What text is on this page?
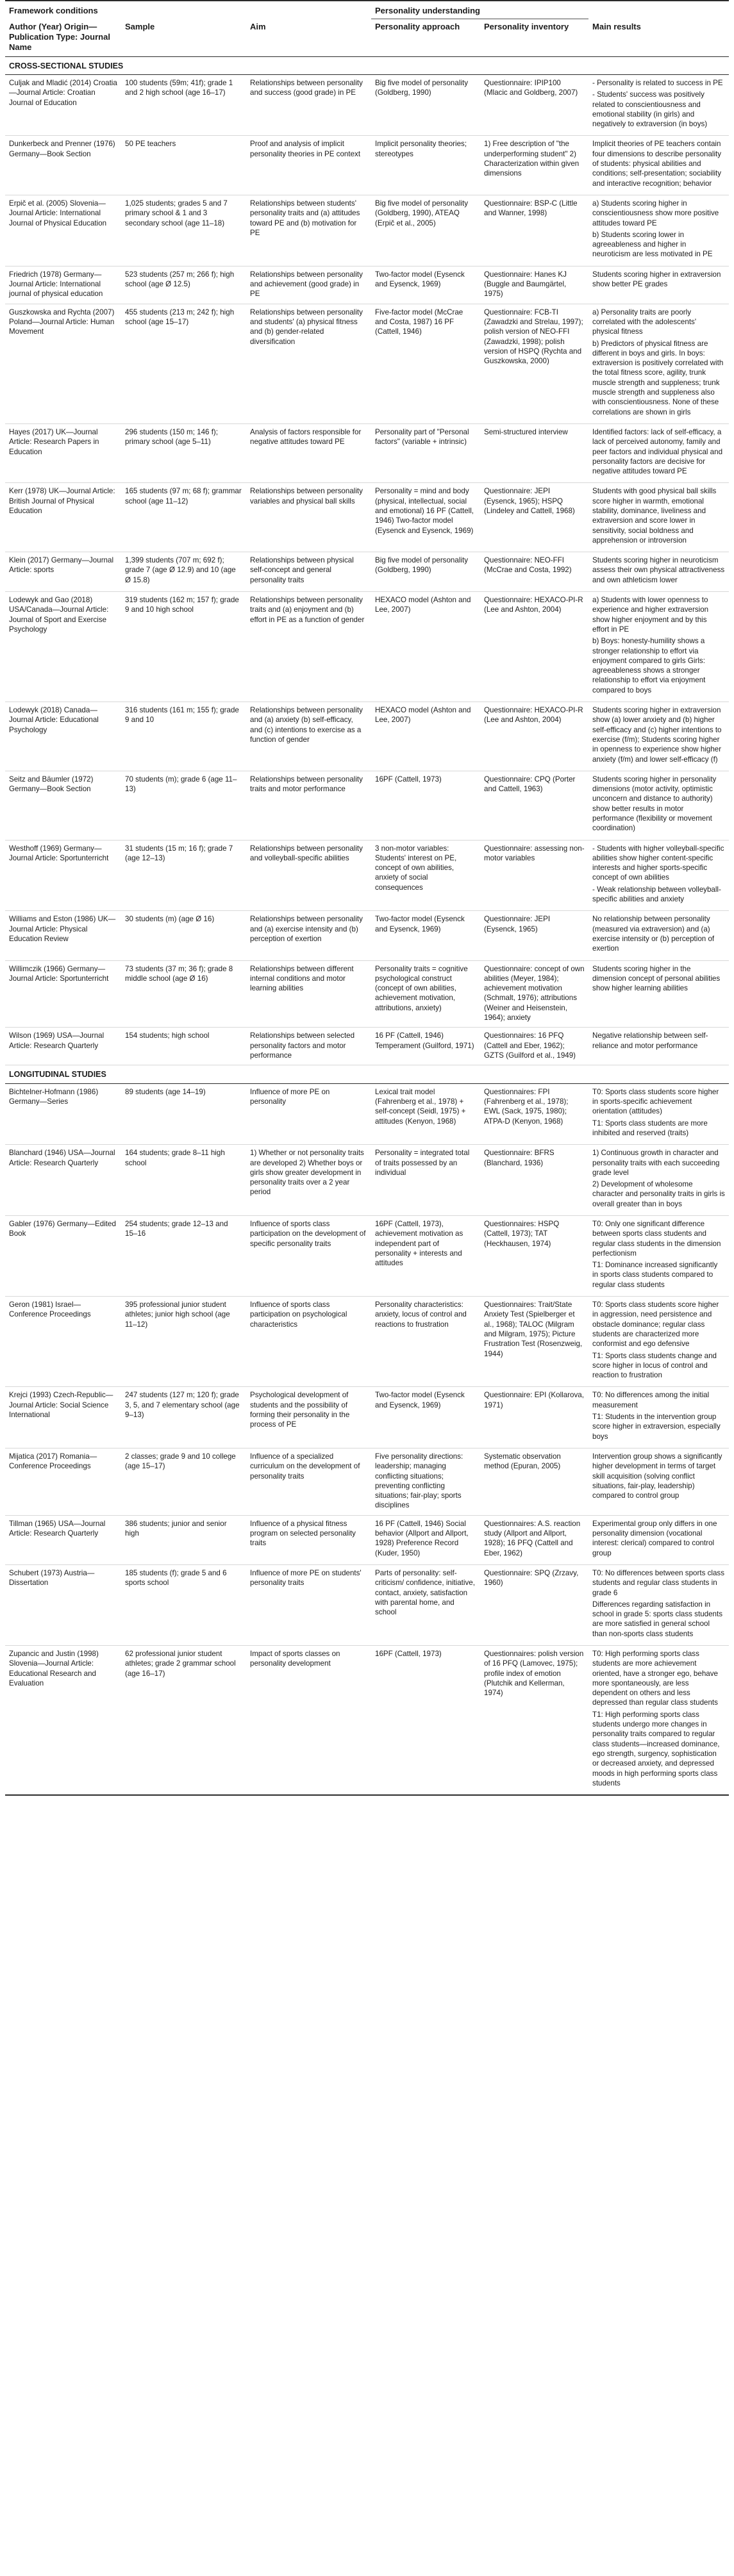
Framework conditions			Personality understanding		
Author (Year) Origin—Publication Type: Journal Name	Sample	Aim	Personality approach	Personality inventory	Main results
CROSS-SECTIONAL STUDIES					
Culjak and Mladić (2014) Croatia—Journal Article: Croatian Journal of Education	100 students (59m; 41f); grade 1 and 2 high school (age 16–17)	Relationships between personality and success (good grade) in PE	Big five model of personality (Goldberg, 1990)	Questionnaire: IPIP100 (Mlacic and Goldberg, 2007)	- Personality is related to success in PE

- Students' success was positively related to conscientiousness and emotional stability (in girls) and negatively to extraversion (in boys)

Dunkerbeck and Prenner (1976) Germany—Book Section	50 PE teachers	Proof and analysis of implicit personality theories in PE context	Implicit personality theories; stereotypes	1) Free description of "the underperforming student" 2) Characterization within given dimensions	Implicit theories of PE teachers contain four dimensions to describe personality of students: physical abilities and conditions; self-presentation; sociability and interactive recognition; behavior

Erpič et al. (2005) Slovenia—Journal Article: International Journal of Physical Education	1,025 students; grades 5 and 7 primary school & 1 and 3 secondary school (age 11–18)	Relationships between students' personality traits and (a) attitudes toward PE and (b) motivation for PE	Big five model of personality (Goldberg, 1990), ATEAQ (Erpič et al., 2005)	Questionnaire: BSP-C (Little and Wanner, 1998)	a) Students scoring higher in conscientiousness show more positive attitudes toward PE

b) Students scoring lower in agreeableness and higher in neuroticism are less motivated in PE

Friedrich (1978) Germany—Journal Article: International journal of physical education	523 students (257 m; 266 f); high school (age Ø 12.5)	Relationships between personality and achievement (good grade) in PE	Two-factor model (Eysenck and Eysenck, 1969)	Questionnaire: Hanes KJ (Buggle and Baumgärtel, 1975)	Students scoring higher in extraversion show better PE grades

Guszkowska and Rychta (2007) Poland—Journal Article: Human Movement	455 students (213 m; 242 f); high school (age 15–17)	Relationships between personality and students' (a) physical fitness and (b) gender-related diversification	Five-factor model (McCrae and Costa, 1987) 16 PF (Cattell, 1946)	Questionnaire: FCB-TI (Zawadzki and Strelau, 1997); polish version of NEO-FFI (Zawadzki, 1998); polish version of HSPQ (Rychta and Guszkowska, 2000)	a) Personality traits are poorly correlated with the adolescents' physical fitness

b) Predictors of physical fitness are different in boys and girls. In boys: extraversion is positively correlated with the total fitness score, agility, trunk muscle strength and suppleness; trunk muscle strength and suppleness also with conscientiousness. None of these correlations are shown in girls

Hayes (2017) UK—Journal Article: Research Papers in Education	296 students (150 m; 146 f); primary school (age 5–11)	Analysis of factors responsible for negative attitudes toward PE	Personality part of "Personal factors" (variable + intrinsic)	Semi-structured interview	Identified factors: lack of self-efficacy, a lack of perceived autonomy, family and peer factors and individual physical and personality factors are decisive for negative attitudes toward PE

Kerr (1978) UK—Journal Article: British Journal of Physical Education	165 students (97 m; 68 f); grammar school (age 11–12)	Relationships between personality variables and physical ball skills	Personality = mind and body (physical, intellectual, social and emotional) 16 PF (Cattell, 1946) Two-factor model (Eysenck and Eysenck, 1969)	Questionnaire: JEPI (Eysenck, 1965); HSPQ (Lindeley and Cattell, 1968)	Students with good physical ball skills score higher in warmth, emotional stability, dominance, liveliness and extraversion and score lower in sensitivity, social boldness and apprehension or introversion

Klein (2017) Germany—Journal Article: sports	1,399 students (707 m; 692 f); grade 7 (age Ø 12.9) and 10 (age Ø 15.8)	Relationships between physical self-concept and general personality traits	Big five model of personality (Goldberg, 1990)	Questionnaire: NEO-FFI (McCrae and Costa, 1992)	Students scoring higher in neuroticism assess their own physical attractiveness and own athleticism lower

Lodewyk and Gao (2018) USA/Canada—Journal Article: Journal of Sport and Exercise Psychology	319 students (162 m; 157 f); grade 9 and 10 high school	Relationships between personality traits and (a) enjoyment and (b) effort in PE as a function of gender	HEXACO model (Ashton and Lee, 2007)	Questionnaire: HEXACO-PI-R (Lee and Ashton, 2004)	a) Students with lower openness to experience and higher extraversion show higher enjoyment and by this effort in PE

b) Boys: honesty-humility shows a stronger relationship to effort via enjoyment compared to girls Girls: agreeableness shows a stronger relationship to effort via enjoyment compared to boys

Lodewyk (2018) Canada—Journal Article: Educational Psychology	316 students (161 m; 155 f); grade 9 and 10	Relationships between personality and (a) anxiety (b) self-efficacy, and (c) intentions to exercise as a function of gender	HEXACO model (Ashton and Lee, 2007)	Questionnaire: HEXACO-PI-R (Lee and Ashton, 2004)	Students scoring higher in extraversion show (a) lower anxiety and (b) higher self-efficacy and (c) higher intentions to exercise (f/m); Students scoring higher in openness to experience show higher anxiety (f/m) and lower self-efficacy (f)

Seitz and Bäumler (1972) Germany—Book Section	70 students (m); grade 6 (age 11–13)	Relationships between personality traits and motor performance	16PF (Cattell, 1973)	Questionnaire: CPQ (Porter and Cattell, 1963)	Students scoring higher in personality dimensions (motor activity, optimistic unconcern and distance to authority) show better results in motor performance (flexibility or movement coordination)

Westhoff (1969) Germany—Journal Article: Sportunterricht	31 students (15 m; 16 f); grade 7 (age 12–13)	Relationships between personality and volleyball-specific abilities	3 non-motor variables: Students' interest on PE, concept of own abilities, anxiety of social consequences	Questionnaire: assessing non-motor variables	- Students with higher volleyball-specific abilities show higher content-specific interests and higher sports-specific concept of own abilities

- Weak relationship between volleyball-specific abilities and anxiety

Williams and Eston (1986) UK—Journal Article: Physical Education Review	30 students (m) (age Ø 16)	Relationships between personality and (a) exercise intensity and (b) perception of exertion	Two-factor model (Eysenck and Eysenck, 1969)	Questionnaire: JEPI (Eysenck, 1965)	No relationship between personality (measured via extraversion) and (a) exercise intensity or (b) perception of exertion

Willimczik (1966) Germany—Journal Article: Sportunterricht	73 students (37 m; 36 f); grade 8 middle school (age Ø 16)	Relationships between different internal conditions and motor learning abilities	Personality traits = cognitive psychological construct (concept of own abilities, achievement motivation, attributions, anxiety)	Questionnaire: concept of own abilities (Meyer, 1984); achievement motivation (Schmalt, 1976); attributions (Weiner and Heisenstein, 1964); anxiety	Students scoring higher in the dimension concept of personal abilities show higher learning abilities

Wilson (1969) USA—Journal Article: Research Quarterly	154 students; high school	Relationships between selected personality factors and motor performance	16 PF (Cattell, 1946) Temperament (Guilford, 1971)	Questionnaires: 16 PFQ (Cattell and Eber, 1962); GZTS (Guilford et al., 1949)	Negative relationship between self-reliance and motor performance

LONGITUDINAL STUDIES					
Bichtelner-Hofmann (1986) Germany—Series	89 students (age 14–19)	Influence of more PE on personality	Lexical trait model (Fahrenberg et al., 1978) + self-concept (Seidl, 1975) + attitudes (Kenyon, 1968)	Questionnaires: FPI (Fahrenberg et al., 1978); EWL (Sack, 1975, 1980); ATPA-D (Kenyon, 1968)	T0: Sports class students score higher in sports-specific achievement orientation (attitudes)

T1: Sports class students are more inhibited and reserved (traits)

Blanchard (1946) USA—Journal Article: Research Quarterly	164 students; grade 8–11 high school	1) Whether or not personality traits are developed 2) Whether boys or girls show greater development in personality traits over a 2 year period	Personality = integrated total of traits possessed by an individual	Questionnaire: BFRS (Blanchard, 1936)	1) Continuous growth in character and personality traits with each succeeding grade level

2) Development of wholesome character and personality traits in girls is overall greater than in boys

Gabler (1976) Germany—Edited Book	254 students; grade 12–13 and 15–16	Influence of sports class participation on the development of specific personality traits	16PF (Cattell, 1973), achievement motivation as independent part of personality + interests and attitudes	Questionnaires: HSPQ (Cattell, 1973); TAT (Heckhausen, 1974)	T0: Only one significant difference between sports class students and regular class students in the dimension perfectionism

T1: Dominance increased significantly in sports class students compared to regular class students

Geron (1981) Israel—Conference Proceedings	395 professional junior student athletes; junior high school (age 11–12)	Influence of sports class participation on psychological characteristics	Personality characteristics: anxiety, locus of control and reactions to frustration	Questionnaires: Trait/State Anxiety Test (Spielberger et al., 1968); TALOC (Milgram and Milgram, 1975); Picture Frustration Test (Rosenzweig, 1944)	T0: Sports class students score higher in aggression, need persistence and obstacle dominance; regular class students are characterized more conformist and ego defensive

T1: Sports class students change and score higher in locus of control and reaction to frustration

Krejci (1993) Czech-Republic—Journal Article: Social Science International	247 students (127 m; 120 f); grade 3, 5, and 7 elementary school (age 9–13)	Psychological development of students and the possibility of forming their personality in the process of PE	Two-factor model (Eysenck and Eysenck, 1969)	Questionnaire: EPI (Kollarova, 1971)	T0: No differences among the initial measurement

T1: Students in the intervention group score higher in extraversion, especially boys

Mijatica (2017) Romania—Conference Proceedings	2 classes; grade 9 and 10 college (age 15–17)	Influence of a specialized curriculum on the development of personality traits	Five personality directions: leadership; managing conflicting situations; preventing conflicting situations; fair-play; sports disciplines	Systematic observation method (Epuran, 2005)	Intervention group shows a significantly higher development in terms of target skill acquisition (solving conflict situations, fair-play, leadership) compared to control group

Tillman (1965) USA—Journal Article: Research Quarterly	386 students; junior and senior high	Influence of a physical fitness program on selected personality traits	16 PF (Cattell, 1946) Social behavior (Allport and Allport, 1928) Preference Record (Kuder, 1950)	Questionnaires: A.S. reaction study (Allport and Allport, 1928); 16 PFQ (Cattell and Eber, 1962)	Experimental group only differs in one personality dimension (vocational interest: clerical) compared to control group

Schubert (1973) Austria—Dissertation	185 students (f); grade 5 and 6 sports school	Influence of more PE on students' personality traits	Parts of personality: self-criticism/ confidence, initiative, contact, anxiety, satisfaction with parental home, and school	Questionnaire: SPQ (Zrzavy, 1960)	T0: No differences between sports class students and regular class students in grade 6

Differences regarding satisfaction in school in grade 5: sports class students are more satisfied in general school than non-sports class students

Zupancic and Justin (1998) Slovenia—Journal Article: Educational Research and Evaluation	62 professional junior student athletes; grade 2 grammar school (age 16–17)	Impact of sports classes on personality development	16PF (Cattell, 1973)	Questionnaires: polish version of 16 PFQ (Lamovec, 1975); profile index of emotion (Plutchik and Kellerman, 1974)	T0: High performing sports class students are more achievement oriented, have a stronger ego, behave more spontaneously, are less dependent on others and less depressed than regular class students

T1: High performing sports class students undergo more changes in personality traits compared to regular class students—increased dominance, ego strength, surgency, sophistication or decreased anxiety, and depressed moods in high performing sports class students
